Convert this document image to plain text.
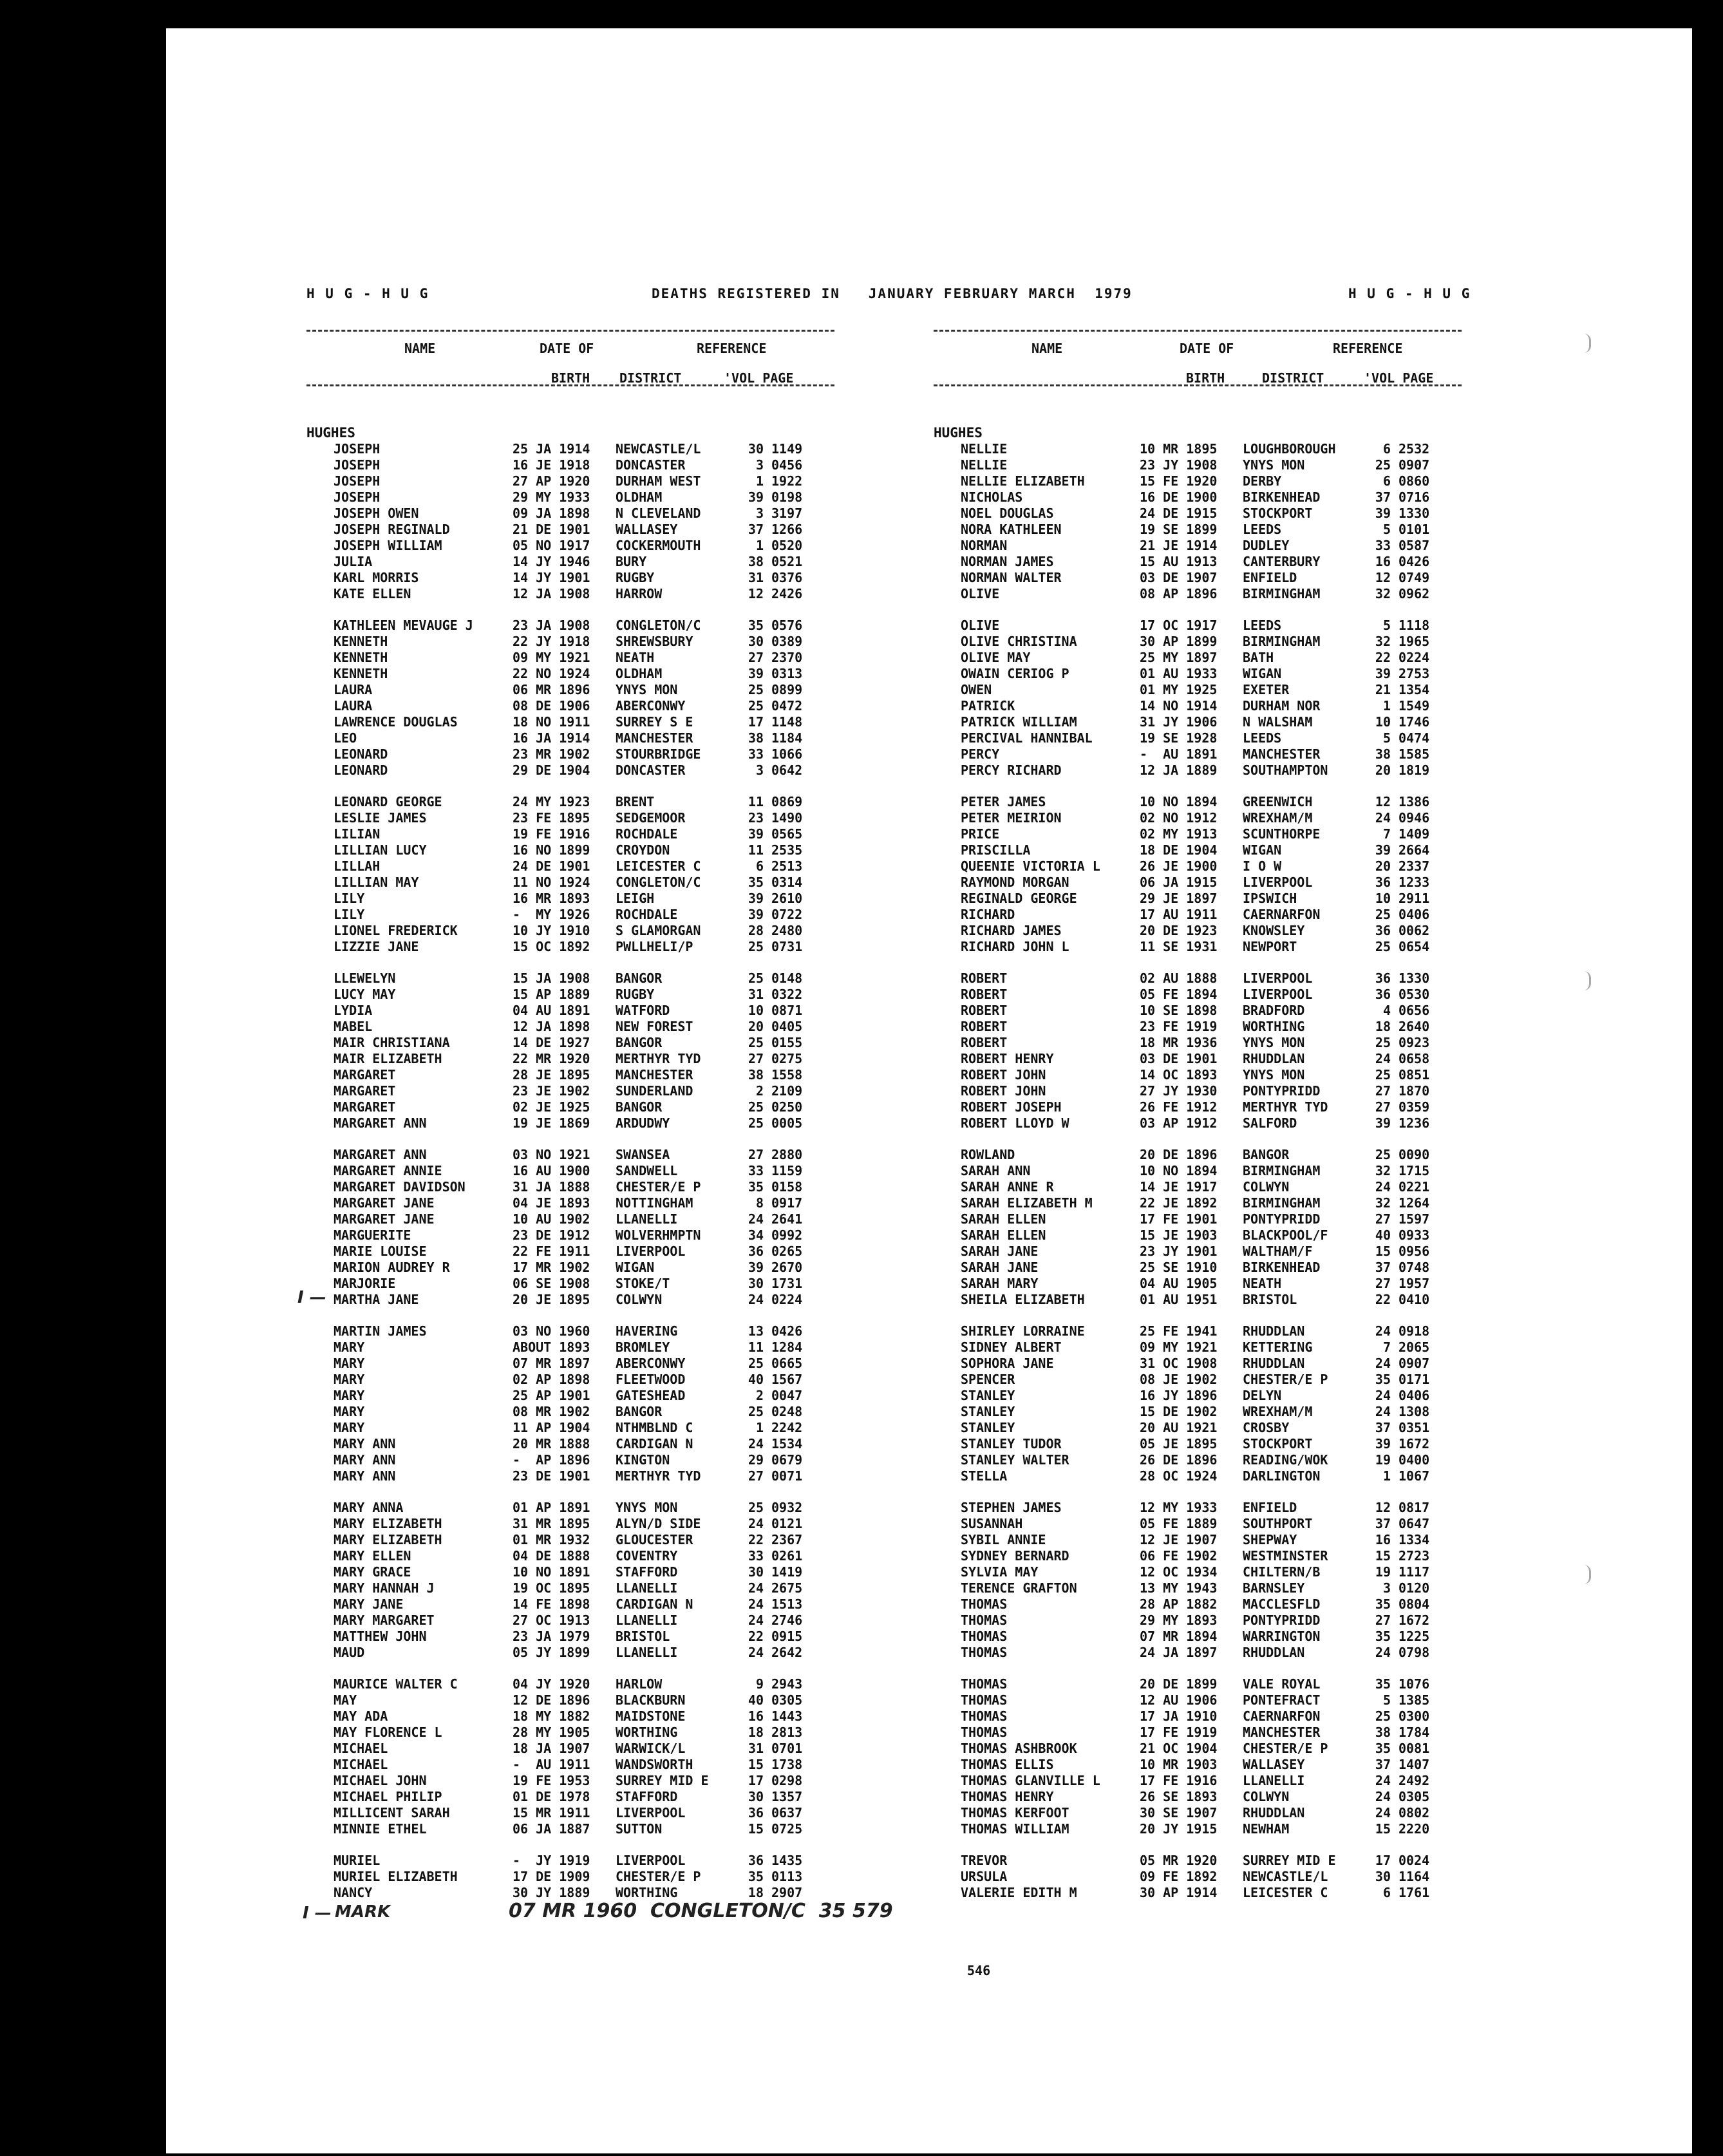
H U G - H U G	DEATHS REGISTERED IN   JANUARY FEBRUARY MARCH  1979	H U G - H U G
NAME	DATE OF
BIRTH
REFERENCE
DISTRICT	'VOL PAGE
HUGHES
JOSEPH	25 JA 1914 NEWCASTLE/L	30 1149
JOSEPH	16 JE 1918 DONCASTER	3 0456
JOSEPH	27 AP 1920 DURHAM WEST	1 1922
JOSEPH	29 MY 1933 OLDHAM	39 0198
JOSEPH OWEN	09 JA 1898 N CLEVELAND	3 3197
JOSEPH REGINALD	21 DE 1901 WALLASEY	37 1266
JOSEPH WILLIAM	05 NO 1917 COCKERMOUTH	1 0520
JULIA	14 JY 1946 BURY	38 0521
KARL MORRIS	14 JY 1901 RUGBY	31 0376
KATE ELLEN	12 JA 1908 HARROW	12 2426
KATHLEEN MEVAUGE J	23 JA 1908 CONGLETON/C	35 0576
KENNETH	22 JY 1918 SHREWSBURY	30 0389
KENNETH	09 MY 1921 NEATH	27 2370
KENNETH	22 NO 1924 OLDHAM	39 0313
LAURA	06 MR 1896 YNYS MON	25 0899
LAURA	08 DE 1906 ABERCONWY	25 0472
LAWRENCE DOUGLAS	18 NO 1911 SURREY S E	17 1148
LEO	16 JA 1914 MANCHESTER	38 1184
LEONARD	23 MR 1902 STOURBRIDGE	33 1066
LEONARD	29 DE 1904 DONCASTER	3 0642
LEONARD GEORGE	24 MY 1923 BRENT	11 0869
LESLIE JAMES	23 FE 1895 SEDGEMOOR	23 1490
LILIAN	19 FE 1916 ROCHDALE	39 0565
LILLIAN LUCY	16 NO 1899 CROYDON	11 2535
LILLAH	24 DE 1901 LEICESTER C	6 2513
LILLIAN MAY	11 NO 1924 CONGLETON/C	35 0314
LILY	16 MR 1893 LEIGH	39 2610
LILY	-  MY 1926 ROCHDALE	39 0722
LIONEL FREDERICK	10 JY 1910 S GLAMORGAN	28 2480
LIZZIE JANE	15 OC 1892 PWLLHELI/P	25 0731
LLEWELYN	15 JA 1908 BANGOR	25 0148
LUCY MAY	15 AP 1889 RUGBY	31 0322
LYDIA	04 AU 1891 WATFORD	10 0871
MABEL	12 JA 1898 NEW FOREST	20 0405
MAIR CHRISTIANA	14 DE 1927 BANGOR	25 0155
MAIR ELIZABETH	22 MR 1920 MERTHYR TYD	27 0275
MARGARET	28 JE 1895 MANCHESTER	38 1558
MARGARET	23 JE 1902 SUNDERLAND	2 2109
MARGARET	02 JE 1925 BANGOR	25 0250
MARGARET ANN	19 JE 1869 ARDUDWY	25 0005
MARGARET ANN	03 NO 1921 SWANSEA	27 2880
MARGARET ANNIE	16 AU 1900 SANDWELL	33 1159
MARGARET DAVIDSON	31 JA 1888 CHESTER/E P	35 0158
MARGARET JANE	04 JE 1893 NOTTINGHAM	8 0917
MARGARET JANE	10 AU 1902 LLANELLI	24 2641
MARGUERITE	23 DE 1912 WOLVERHMPTN	34 0992
MARIE LOUISE	22 FE 1911 LIVERPOOL	36 0265
MARION AUDREY R	17 MR 1902 WIGAN	39 2670
MARJORIE	06 SE 1908 STOKE/T	30 1731
MARTHA JANE	20 JE 1895 COLWYN	24 0224
MARTIN JAMES	03 NO 1960 HAVERING	13 0426
MARY	ABOUT 1893 BROMLEY	11 1284
MARY	07 MR 1897 ABERCONWY	25 0665
MARY	02 AP 1898 FLEETWOOD	40 1567
MARY	25 AP 1901 GATESHEAD	2 0047
MARY	08 MR 1902 BANGOR	25 0248
MARY	11 AP 1904 NTHMBLND C	1 2242
MARY ANN	20 MR 1888 CARDIGAN N	24 1534
MARY ANN	-  AP 1896 KINGTON	29 0679
MARY ANN	23 DE 1901 MERTHYR TYD	27 0071
MARY ANNA	01 AP 1891 YNYS MON	25 0932
MARY ELIZABETH	31 MR 1895 ALYN/D SIDE	24 0121
MARY ELIZABETH	01 MR 1932 GLOUCESTER	22 2367
MARY ELLEN	04 DE 1888 COVENTRY	33 0261
MARY GRACE	10 NO 1891 STAFFORD	30 1419
MARY HANNAH J	19 OC 1895 LLANELLI	24 2675
MARY JANE	14 FE 1898 CARDIGAN N	24 1513
MARY MARGARET	27 OC 1913 LLANELLI	24 2746
MATTHEW JOHN	23 JA 1979 BRISTOL	22 0915
MAUD	05 JY 1899 LLANELLI	24 2642
MAURICE WALTER C	04 JY 1920 HARLOW	9 2943
MAY	12 DE 1896 BLACKBURN	40 0305
MAY ADA	18 MY 1882 MAIDSTONE	16 1443
MAY FLORENCE L	28 MY 1905 WORTHING	18 2813
MICHAEL	18 JA 1907 WARWICK/L	31 0701
MICHAEL	-  AU 1911 WANDSWORTH	15 1738
MICHAEL JOHN	19 FE 1953 SURREY MID E	17 0298
MICHAEL PHILIP	01 DE 1978 STAFFORD	30 1357
MILLICENT SARAH	15 MR 1911 LIVERPOOL	36 0637
MINNIE ETHEL	06 JA 1887 SUTTON	15 0725
MURIEL	-  JY 1919 LIVERPOOL	36 1435
MURIEL ELIZABETH	17 DE 1909 CHESTER/E P	35 0113
NANCY	30 JY 1889 WORTHING	18 2907
NAME	DATE OF
BIRTH
REFERENCE
DISTRICT	'VOL PAGE
HUGHES
NELLIE	10 MR 1895 LOUGHBOROUGH	6 2532
NELLIE	23 JY 1908 YNYS MON	25 0907
NELLIE ELIZABETH	15 FE 1920 DERBY	6 0860
NICHOLAS	16 DE 1900 BIRKENHEAD	37 0716
NOEL DOUGLAS	24 DE 1915 STOCKPORT	39 1330
NORA KATHLEEN	19 SE 1899 LEEDS	5 0101
NORMAN	21 JE 1914 DUDLEY	33 0587
NORMAN JAMES	15 AU 1913 CANTERBURY	16 0426
NORMAN WALTER	03 DE 1907 ENFIELD	12 0749
OLIVE	08 AP 1896 BIRMINGHAM	32 0962
OLIVE	17 OC 1917 LEEDS	5 1118
OLIVE CHRISTINA	30 AP 1899 BIRMINGHAM	32 1965
OLIVE MAY	25 MY 1897 BATH	22 0224
OWAIN CERIOG P	01 AU 1933 WIGAN	39 2753
OWEN	01 MY 1925 EXETER	21 1354
PATRICK	14 NO 1914 DURHAM NOR	1 1549
PATRICK WILLIAM	31 JY 1906 N WALSHAM	10 1746
PERCIVAL HANNIBAL	19 SE 1928 LEEDS	5 0474
PERCY	-  AU 1891 MANCHESTER	38 1585
PERCY RICHARD	12 JA 1889 SOUTHAMPTON	20 1819
PETER JAMES	10 NO 1894 GREENWICH	12 1386
PETER MEIRION	02 NO 1912 WREXHAM/M	24 0946
PRICE	02 MY 1913 SCUNTHORPE	7 1409
PRISCILLA	18 DE 1904 WIGAN	39 2664
QUEENIE VICTORIA L	26 JE 1900 I O W	20 2337
RAYMOND MORGAN	06 JA 1915 LIVERPOOL	36 1233
REGINALD GEORGE	29 JE 1897 IPSWICH	10 2911
RICHARD	17 AU 1911 CAERNARFON	25 0406
RICHARD JAMES	20 DE 1923 KNOWSLEY	36 0062
RICHARD JOHN L	11 SE 1931 NEWPORT	25 0654
ROBERT	02 AU 1888 LIVERPOOL	36 1330
ROBERT	05 FE 1894 LIVERPOOL	36 0530
ROBERT	10 SE 1898 BRADFORD	4 0656
ROBERT	23 FE 1919 WORTHING	18 2640
ROBERT	18 MR 1936 YNYS MON	25 0923
ROBERT HENRY	03 DE 1901 RHUDDLAN	24 0658
ROBERT JOHN	14 OC 1893 YNYS MON	25 0851
ROBERT JOHN	27 JY 1930 PONTYPRIDD	27 1870
ROBERT JOSEPH	26 FE 1912 MERTHYR TYD	27 0359
ROBERT LLOYD W	03 AP 1912 SALFORD	39 1236
ROWLAND	20 DE 1896 BANGOR	25 0090
SARAH ANN	10 NO 1894 BIRMINGHAM	32 1715
SARAH ANNE R	14 JE 1917 COLWYN	24 0221
SARAH ELIZABETH M	22 JE 1892 BIRMINGHAM	32 1264
SARAH ELLEN	17 FE 1901 PONTYPRIDD	27 1597
SARAH ELLEN	15 JE 1903 BLACKPOOL/F	40 0933
SARAH JANE	23 JY 1901 WALTHAM/F	15 0956
SARAH JANE	25 SE 1910 BIRKENHEAD	37 0748
SARAH MARY	04 AU 1905 NEATH	27 1957
SHEILA ELIZABETH	01 AU 1951 BRISTOL	22 0410
SHIRLEY LORRAINE	25 FE 1941 RHUDDLAN	24 0918
SIDNEY ALBERT	09 MY 1921 KETTERING	7 2065
SOPHORA JANE	31 OC 1908 RHUDDLAN	24 0907
SPENCER	08 JE 1902 CHESTER/E P	35 0171
STANLEY	16 JY 1896 DELYN	24 0406
STANLEY	15 DE 1902 WREXHAM/M	24 1308
STANLEY	20 AU 1921 CROSBY	37 0351
STANLEY TUDOR	05 JE 1895 STOCKPORT	39 1672
STANLEY WALTER	26 DE 1896 READING/WOK	19 0400
STELLA	28 OC 1924 DARLINGTON	1 1067
STEPHEN JAMES	12 MY 1933 ENFIELD	12 0817
SUSANNAH	05 FE 1889 SOUTHPORT	37 0647
SYBIL ANNIE	12 JE 1907 SHEPWAY	16 1334
SYDNEY BERNARD	06 FE 1902 WESTMINSTER	15 2723
SYLVIA MAY	12 OC 1934 CHILTERN/B	19 1117
TERENCE GRAFTON	13 MY 1943 BARNSLEY	3 0120
THOMAS	28 AP 1882 MACCLESFLD	35 0804
THOMAS	29 MY 1893 PONTYPRIDD	27 1672
THOMAS	07 MR 1894 WARRINGTON	35 1225
THOMAS	24 JA 1897 RHUDDLAN	24 0798
THOMAS	20 DE 1899 VALE ROYAL	35 1076
THOMAS	12 AU 1906 PONTEFRACT	5 1385
THOMAS	17 JA 1910 CAERNARFON	25 0300
THOMAS	17 FE 1919 MANCHESTER	38 1784
THOMAS ASHBROOK	21 OC 1904 CHESTER/E P	35 0081
THOMAS ELLIS	10 MR 1903 WALLASEY	37 1407
THOMAS GLANVILLE L	17 FE 1916 LLANELLI	24 2492
THOMAS HENRY	26 SE 1893 COLWYN	24 0305
THOMAS KERFOOT	30 SE 1907 RHUDDLAN	24 0802
THOMAS WILLIAM	20 JY 1915 NEWHAM	15 2220
TREVOR	05 MR 1920 SURREY MID E	17 0024
URSULA	09 FE 1892 NEWCASTLE/L	30 1164
VALERIE EDITH M	30 AP 1914 LEICESTER C	6 1761
I —
I — MARK	07 MR 1960  CONGLETON/C  35 579
546
